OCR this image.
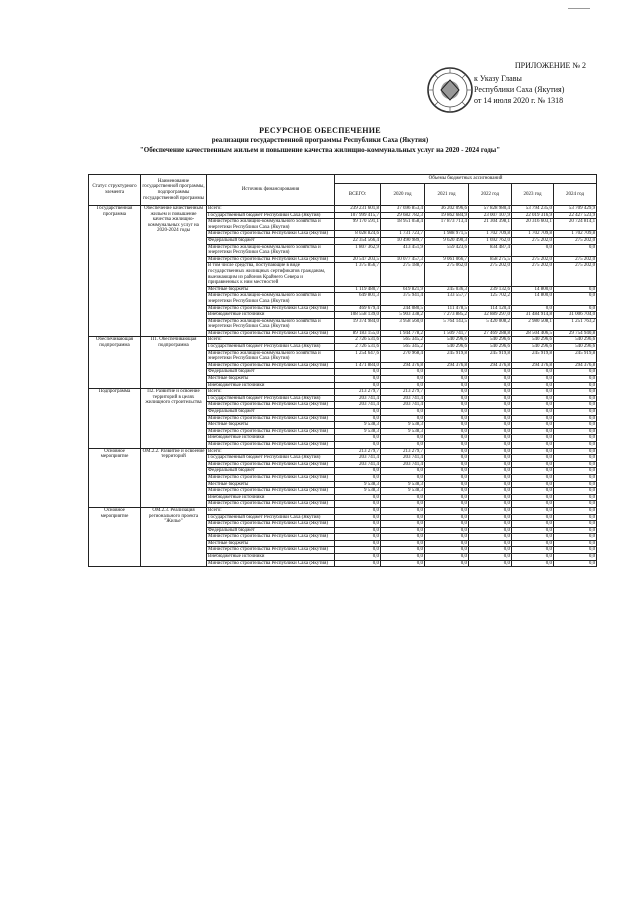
ПРИЛОЖЕНИЕ № 2
к Указу Главы
Республики Саха (Якутия)
от 14 июля 2020 г. № 1318
РЕСУРСНОЕ ОБЕСПЕЧЕНИЕ
реализации государственной программы Республики Саха (Якутия)
"Обеспечение качественным жильем и повышение качества жилищно-коммунальных услуг на 2020 - 2024 годы"
Статус структурного элемента	Наименование государственной программы, подпрограммы государственной программы	Источник финансирования	Объемы бюджетных ассигнований					
			ВСЕГО:	2020 год	2021 год	2022 год	2023 год	2024 год
Государственная программа	Обеспечение качественным жильем и повышение качества жилищно-коммунальных услуг на 2020-2024 годы	Всего:	239 231 601,8	37 696 853,4	36 202 096,6	57 828 980,4	53 794 235,0	53 709 429,9
		Государственный бюджет Республики Саха (Якутия)	107 999 415,7	29 682 782,3	19 862 684,9	23 007 107,9	22 019 316,9	22 427 523,9
		Министерство жилищно-коммунального хозяйства и энергетики Республики Саха (Якутия)	99 170 591,1	18 951 058,4	17 873 713,4	21 304 398,1	20 316 603,1	20 724 814,1
		Министерство строительства Республики Саха (Якутия)	8 028 824,6	1 731 723,7	1 988 971,5	1 702 709,8	1 702 709,8	1 702 709,8
		Федеральный бюджет	22 354 566,4	10 490 989,7	9 620 490,3	1 692 762,0	275 202,0	275 202,0
		Министерство жилищно-коммунального хозяйства и энергетики Республики Саха (Якутия)	1 807 362,9	413 451,9	559 423,6	834 487,4	0,0	0,0
		Министерство строительства Республики Саха (Якутия)	20 547 203,5	10 077 457,3	9 061 066,7	858 275,5	275 202,0	275 202,0
		В том числе средства, поступающие в виде государственных жилищных сертификатов гражданам, выезжающим из районов Крайнего Севера и приравненных к ним местностей	1 375 856,7	275 188,7	275 062,0	275 202,0	275 202,0	275 202,0
		Местные бюджеты	1 119 480,7	619 821,9	245 036,3	239 132,6	14 800,0	0,0
		Министерство жилищно-коммунального хозяйства и энергетики Республики Саха (Якутия)	649 801,3	375 941,4	133 557,7	125 702,2	14 800,0	0,0
		Министерство строительства Республики Саха (Якутия)	469 679,4	244 080,5	111 478,5	114 120,4	0,0	0,0
		Внебюджетные источники	108 558 139,0	5 903 338,2	7 273 885,2	32 889 297,0	31 484 914,8	31 006 704,0
		Министерство жилищно-коммунального хозяйства и энергетики Республики Саха (Якутия)	19 374 984,0	3 958 560,0	5 764 143,5	5 420 008,2	2 980 508,1	1 251 763,2
		Министерство строительства Республики Саха (Якутия)	89 183 155,0	1 944 778,2	1 509 741,7	27 469 288,8	28 504 406,5	29 754 940,8
Обеспечивающая подпрограмма	П1. Обеспечивающая подпрограмма	Всего:	2 726 531,6	565 345,2	540 296,6	540 296,6	540 296,6	540 296,6
		Государственный бюджет Республики Саха (Якутия)	2 726 531,6	565 345,2	540 296,6	540 296,6	540 296,6	540 296,6
		Министерство жилищно-коммунального хозяйства и энергетики Республики Саха (Якутия)	1 254 647,6	270 968,4	245 919,8	245 919,8	245 919,8	245 919,8
		Министерство строительства Республики Саха (Якутия)	1 471 884,0	294 376,8	294 376,8	294 376,8	294 376,8	294 376,8
		Федеральный бюджет	0,0	0,0	0,0	0,0	0,0	0,0
		Местные бюджеты	0,0	0,0	0,0	0,0	0,0	0,0
		Внебюджетные источники	0,0	0,0	0,0	0,0	0,0	0,0
Подпрограмма	П2. Развитие и освоение территорий в целях жилищного строительства	Всего:	213 279,7	213 279,7	0,0	0,0	0,0	0,0
		Государственный бюджет Республики Саха (Якутия)	203 741,4	203 741,4	0,0	0,0	0,0	0,0
		Министерство строительства Республики Саха (Якутия)	203 741,4	203 741,4	0,0	0,0	0,0	0,0
		Федеральный бюджет	0,0	0,0	0,0	0,0	0,0	0,0
		Министерство строительства Республики Саха (Якутия)	0,0	0,0	0,0	0,0	0,0	0,0
		Местные бюджеты	9 538,3	9 538,3	0,0	0,0	0,0	0,0
		Министерство строительства Республики Саха (Якутия)	9 538,3	9 538,3	0,0	0,0	0,0	0,0
		Внебюджетные источники	0,0	0,0	0,0	0,0	0,0	0,0
		Министерство строительства Республики Саха (Якутия)	0,0	0,0	0,0	0,0	0,0	0,0
Основное мероприятие	ОМ.2.2. Развитие и освоение территорий	Всего:	213 279,7	213 279,7	0,0	0,0	0,0	0,0
		Государственный бюджет Республики Саха (Якутия)	203 741,4	203 741,4	0,0	0,0	0,0	0,0
		Министерство строительства Республики Саха (Якутия)	203 741,4	203 741,4	0,0	0,0	0,0	0,0
		Федеральный бюджет	0,0	0,0	0,0	0,0	0,0	0,0
		Министерство строительства Республики Саха (Якутия)	0,0	0,0	0,0	0,0	0,0	0,0
		Местные бюджеты	9 538,3	9 538,3	0,0	0,0	0,0	0,0
		Министерство строительства Республики Саха (Якутия)	9 538,3	9 538,3	0,0	0,0	0,0	0,0
		Внебюджетные источники	0,0	0,0	0,0	0,0	0,0	0,0
		Министерство строительства Республики Саха (Якутия)	0,0	0,0	0,0	0,0	0,0	0,0
Основное мероприятие	ОМ.2.3. Реализация регионального проекта "Жилье"	Всего:	0,0	0,0	0,0	0,0	0,0	0,0
		Государственный бюджет Республики Саха (Якутия)	0,0	0,0	0,0	0,0	0,0	0,0
		Министерство строительства Республики Саха (Якутия)	0,0	0,0	0,0	0,0	0,0	0,0
		Федеральный бюджет	0,0	0,0	0,0	0,0	0,0	0,0
		Министерство строительства Республики Саха (Якутия)	0,0	0,0	0,0	0,0	0,0	0,0
		Местные бюджеты	0,0	0,0	0,0	0,0	0,0	0,0
		Министерство строительства Республики Саха (Якутия)	0,0	0,0	0,0	0,0	0,0	0,0
		Внебюджетные источники	0,0	0,0	0,0	0,0	0,0	0,0
		Министерство строительства Республики Саха (Якутия)	0,0	0,0	0,0	0,0	0,0	0,0
